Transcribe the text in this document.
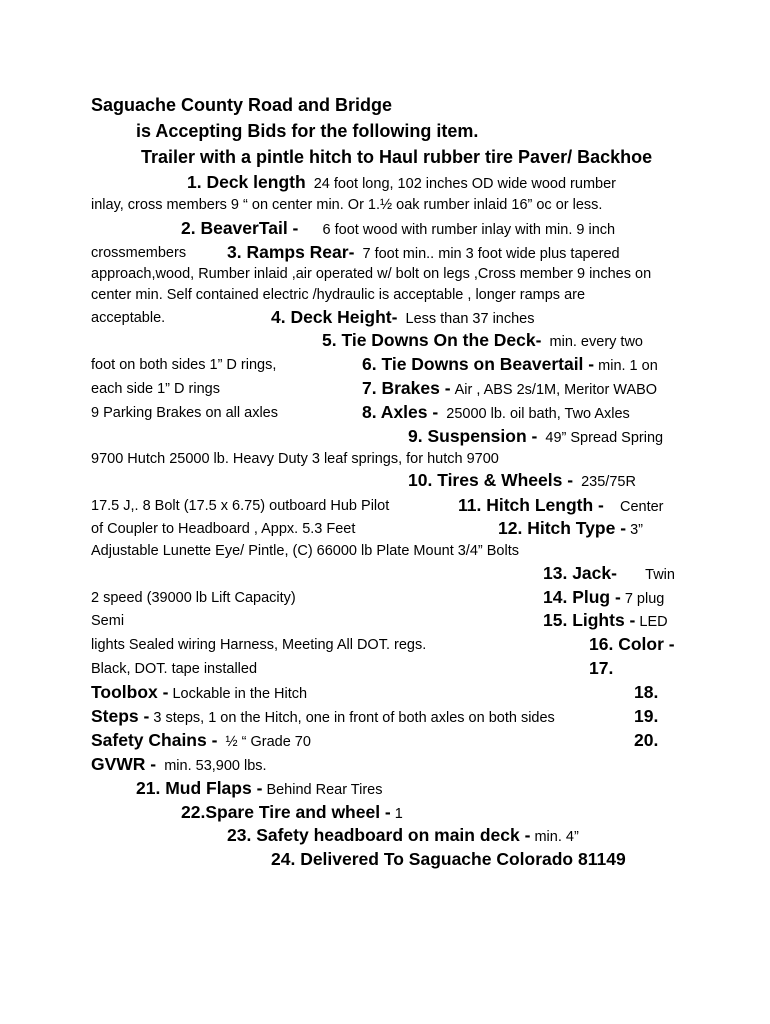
Saguache County Road and Bridge
is Accepting Bids for the following item.
Trailer with a pintle hitch to Haul rubber tire Paver/ Backhoe
1. Deck length 24 foot long, 102 inches OD wide wood rumber
inlay, cross members 9 “ on center min. Or 1.½ oak rumber inlaid 16” oc or less.
2. BeaverTail - 6 foot wood with rumber inlay with min. 9 inch
crossmembers 3. Ramps Rear- 7 foot min.. min 3 foot wide plus tapered
approach,wood, Rumber inlaid ,air operated w/ bolt on legs ,Cross member 9 inches on
center min. Self contained electric /hydraulic is acceptable , longer ramps are
acceptable.	4. Deck Height- Less than 37 inches
5. Tie Downs On the Deck- min. every two
foot on both sides 1” D rings,	6. Tie Downs on Beavertail - min. 1 on
each side 1” D rings	7. Brakes - Air , ABS 2s/1M, Meritor WABO
9 Parking Brakes on all axles	8. Axles - 25000 lb. oil bath, Two Axles
9. Suspension - 49” Spread Spring
9700 Hutch 25000 lb. Heavy Duty 3 leaf springs, for hutch 9700
10. Tires & Wheels - 235/75R
17.5 J,. 8 Bolt (17.5 x 6.75) outboard Hub Pilot	11. Hitch Length - Center
of Coupler to Headboard , Appx. 5.3 Feet	12. Hitch Type - 3”
Adjustable Lunette Eye/ Pintle, (C) 66000 lb Plate Mount 3/4” Bolts
13. Jack- Twin
2 speed (39000 lb Lift Capacity)	14. Plug - 7 plug
Semi	15. Lights - LED
lights Sealed wiring Harness, Meeting All DOT. regs.	16. Color -
Black, DOT. tape installed	17.
Toolbox - Lockable in the Hitch	18.
Steps - 3 steps, 1 on the Hitch, one in front of both axles on both sides	19.
Safety Chains - ½ “ Grade 70	20.
GVWR - min. 53,900 lbs.
21. Mud Flaps - Behind Rear Tires
22.Spare Tire and wheel - 1
23. Safety headboard on main deck - min. 4”
24. Delivered To Saguache Colorado 81149
